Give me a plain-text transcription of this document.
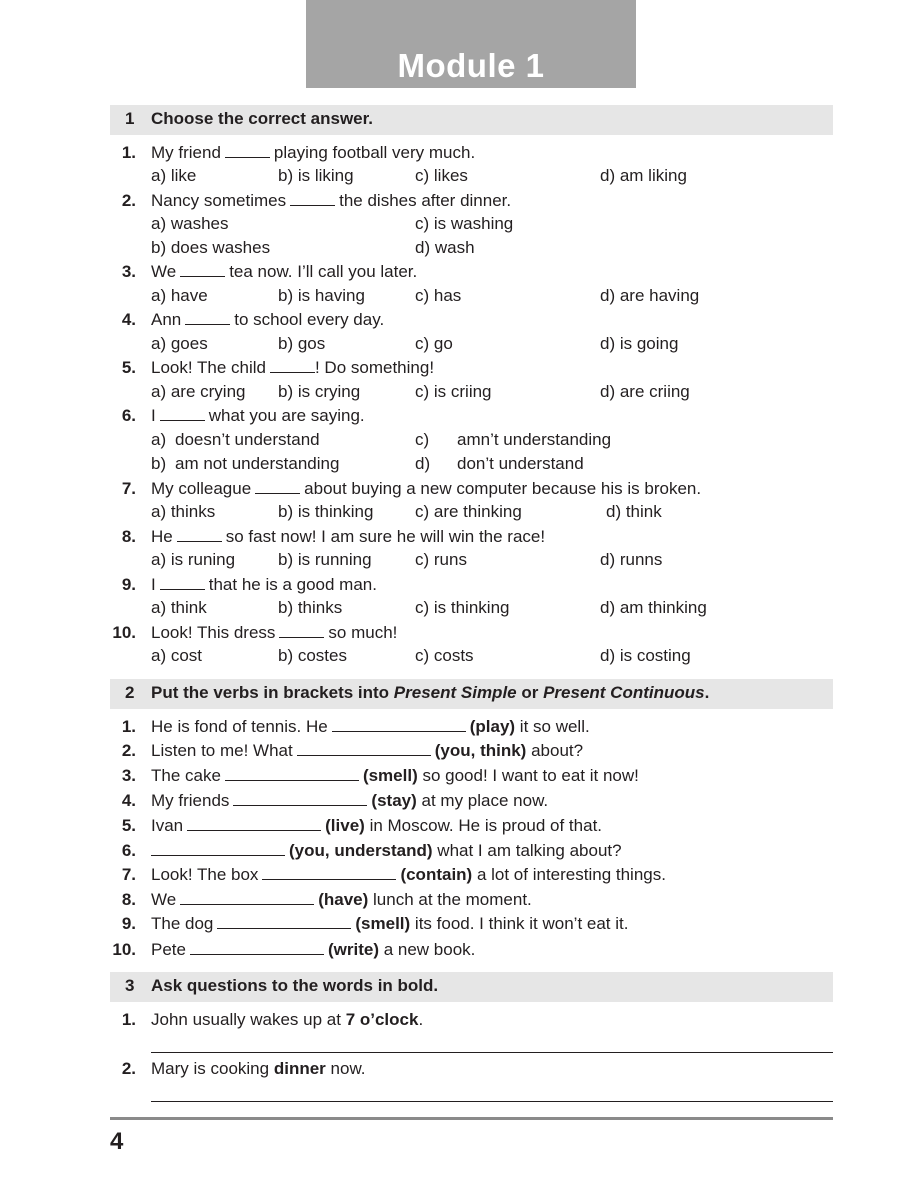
Module 1
1 Choose the correct answer.
1. My friend	playing football very much.
a) like	b) is liking	c) likes	d) am liking
2. Nancy sometimes	the dishes after dinner.
a) washes	c) is washing
b) does washes	d) wash
3. We	tea now. I’ll call you later.
a) have	b) is having	c) has	d) are having
4. Ann	to school every day.
a) goes	b) gos	c) go	d) is going
5. Look! The child	! Do something!
a) are crying b) is crying	c) is criing	d) are criing
6. I	what you are saying.
a) doesn’t understand	c) amn’t understanding
b) am not understanding	d) don’t understand
7. My colleague	about buying a new computer because his is broken.
a) thinks	b) is thinking c) are thinking	d) think
8. He	so fast now! I am sure he will win the race!
a) is runing	b) is running	c) runs	d) runns
9. I	that he is a good man.
a) think	b) thinks	c) is thinking	d) am thinking
10. Look! This dress	so much!
a) cost	b) costes	c) costs	d) is costing
2 Put the verbs in brackets into Present Simple or Present Continuous.
1. He is fond of tennis. He	(play) it so well.
2. Listen to me! What	(you, think) about?
3. The cake	(smell) so good! I want to eat it now!
4. My friends	(stay) at my place now.
5. Ivan	(live) in Moscow. He is proud of that.
6.	(you, understand) what I am talking about?
7. Look! The box	(contain) a lot of interesting things.
8. We	(have) lunch at the moment.
9. The dog	(smell) its food. I think it won’t eat it.
10. Pete	(write) a new book.
3 Ask questions to the words in bold.
1. John usually wakes up at 7 o’clock.
2. Mary is cooking dinner now.
4
